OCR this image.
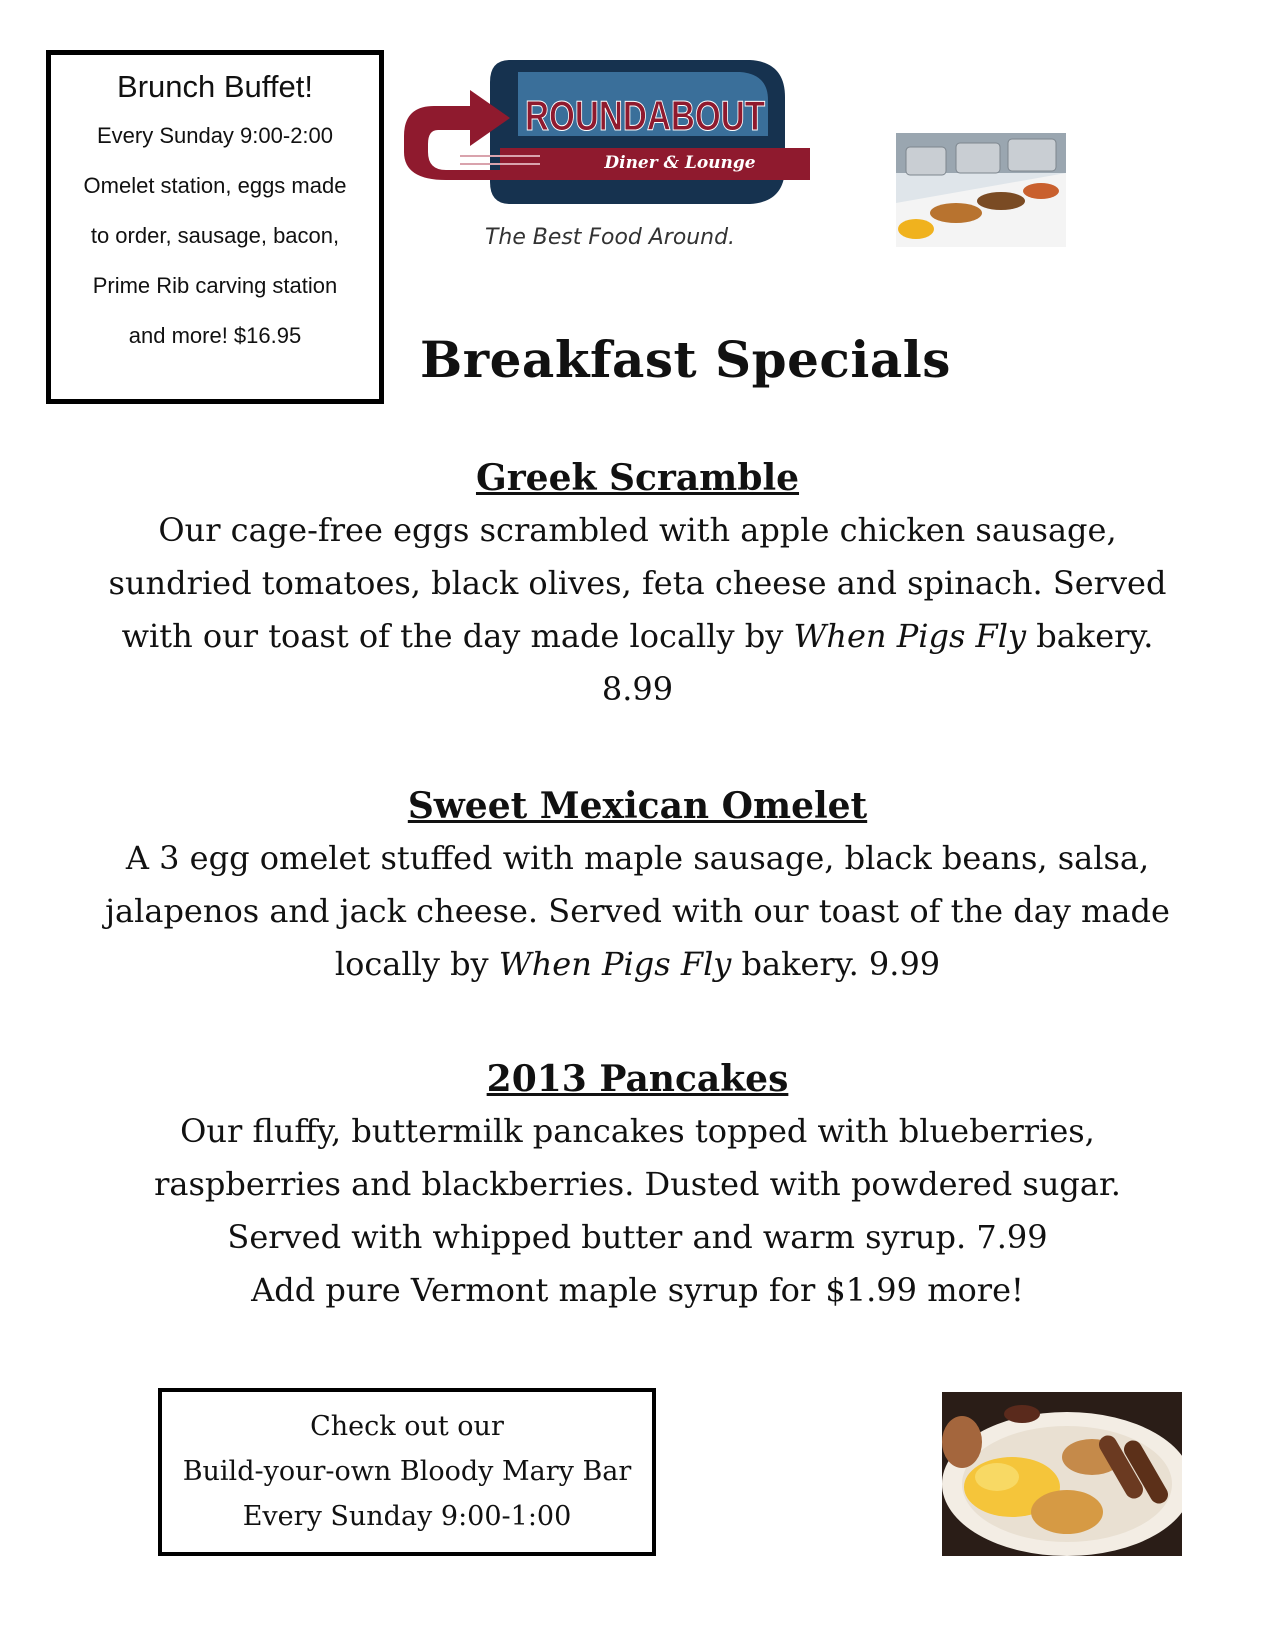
Brunch Buffet!
Every Sunday 9:00-2:00
Omelet station, eggs made
to order, sausage, bacon,
Prime Rib carving station
and more! $16.95
ROUNDABOUT
Diner & Lounge
The Best Food Around.
Breakfast Specials
Greek Scramble
Our cage-free eggs scrambled with apple chicken sausage,
sundried tomatoes, black olives, feta cheese and spinach. Served
with our toast of the day made locally by When Pigs Fly bakery.
8.99
Sweet Mexican Omelet
A 3 egg omelet stuffed with maple sausage, black beans, salsa,
jalapenos and jack cheese. Served with our toast of the day made
locally by When Pigs Fly bakery. 9.99
2013 Pancakes
Our fluffy, buttermilk pancakes topped with blueberries,
raspberries and blackberries. Dusted with powdered sugar.
Served with whipped butter and warm syrup. 7.99
Add pure Vermont maple syrup for $1.99 more!
Check out our
Build-your-own Bloody Mary Bar
Every Sunday 9:00-1:00
